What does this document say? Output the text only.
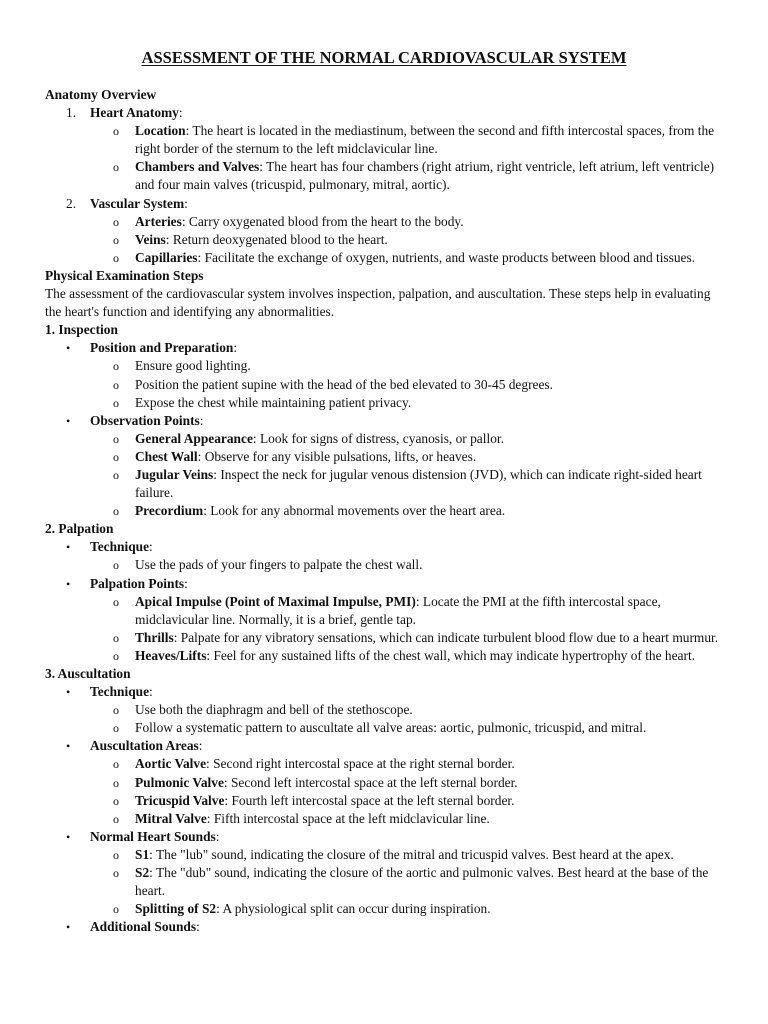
ASSESSMENT OF THE NORMAL CARDIOVASCULAR SYSTEM
Anatomy Overview
1. Heart Anatomy:
o Location: The heart is located in the mediastinum, between the second and fifth intercostal spaces, from the right border of the sternum to the left midclavicular line.
o Chambers and Valves: The heart has four chambers (right atrium, right ventricle, left atrium, left ventricle) and four main valves (tricuspid, pulmonary, mitral, aortic).
2. Vascular System:
o Arteries: Carry oxygenated blood from the heart to the body.
o Veins: Return deoxygenated blood to the heart.
o Capillaries: Facilitate the exchange of oxygen, nutrients, and waste products between blood and tissues.
Physical Examination Steps
The assessment of the cardiovascular system involves inspection, palpation, and auscultation. These steps help in evaluating the heart's function and identifying any abnormalities.
1. Inspection
• Position and Preparation:
o Ensure good lighting.
o Position the patient supine with the head of the bed elevated to 30-45 degrees.
o Expose the chest while maintaining patient privacy.
• Observation Points:
o General Appearance: Look for signs of distress, cyanosis, or pallor.
o Chest Wall: Observe for any visible pulsations, lifts, or heaves.
o Jugular Veins: Inspect the neck for jugular venous distension (JVD), which can indicate right-sided heart failure.
o Precordium: Look for any abnormal movements over the heart area.
2. Palpation
• Technique:
o Use the pads of your fingers to palpate the chest wall.
• Palpation Points:
o Apical Impulse (Point of Maximal Impulse, PMI): Locate the PMI at the fifth intercostal space, midclavicular line. Normally, it is a brief, gentle tap.
o Thrills: Palpate for any vibratory sensations, which can indicate turbulent blood flow due to a heart murmur.
o Heaves/Lifts: Feel for any sustained lifts of the chest wall, which may indicate hypertrophy of the heart.
3. Auscultation
• Technique:
o Use both the diaphragm and bell of the stethoscope.
o Follow a systematic pattern to auscultate all valve areas: aortic, pulmonic, tricuspid, and mitral.
• Auscultation Areas:
o Aortic Valve: Second right intercostal space at the right sternal border.
o Pulmonic Valve: Second left intercostal space at the left sternal border.
o Tricuspid Valve: Fourth left intercostal space at the left sternal border.
o Mitral Valve: Fifth intercostal space at the left midclavicular line.
• Normal Heart Sounds:
o S1: The "lub" sound, indicating the closure of the mitral and tricuspid valves. Best heard at the apex.
o S2: The "dub" sound, indicating the closure of the aortic and pulmonic valves. Best heard at the base of the heart.
o Splitting of S2: A physiological split can occur during inspiration.
• Additional Sounds:
